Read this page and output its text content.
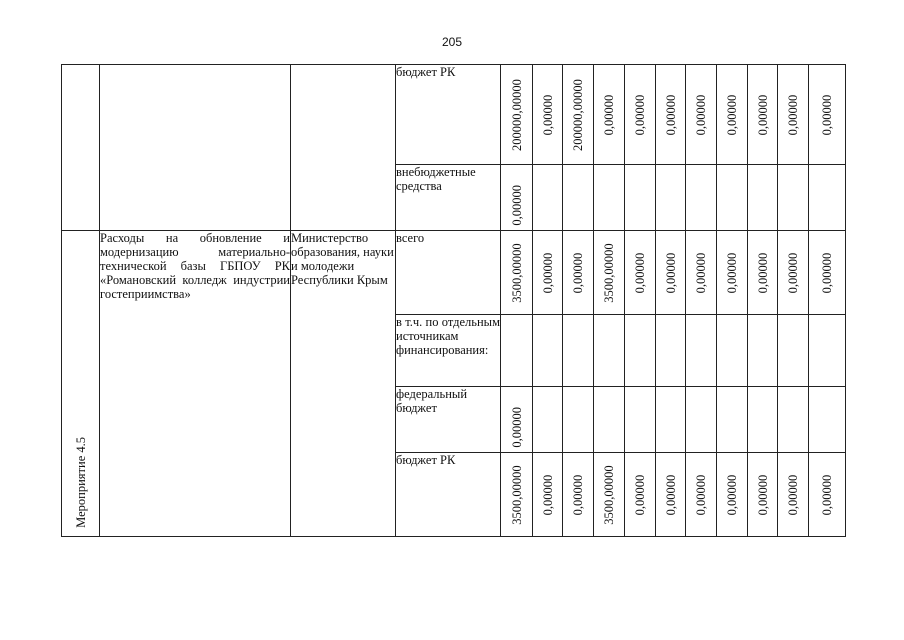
205
			бюджет РК	200000,00000	0,00000	200000,00000	0,00000	0,00000	0,00000	0,00000	0,00000	0,00000	0,00000	0,00000

			внебюджетные средства	0,00000										

Мероприятие 4.5	Расходы на обновление и модернизацию материально-технической базы ГБПОУ РК «Романовский колледж индустрии гостеприимства»	Министерство образования, науки и молодежи Республики Крым	всего	3500,00000	0,00000	0,00000	3500,00000	0,00000	0,00000	0,00000	0,00000	0,00000	0,00000	0,00000

			в т.ч. по отдельным источникам финансирования:											
			федеральный бюджет	0,00000										

			бюджет РК	3500,00000	0,00000	0,00000	3500,00000	0,00000	0,00000	0,00000	0,00000	0,00000	0,00000	0,00000
